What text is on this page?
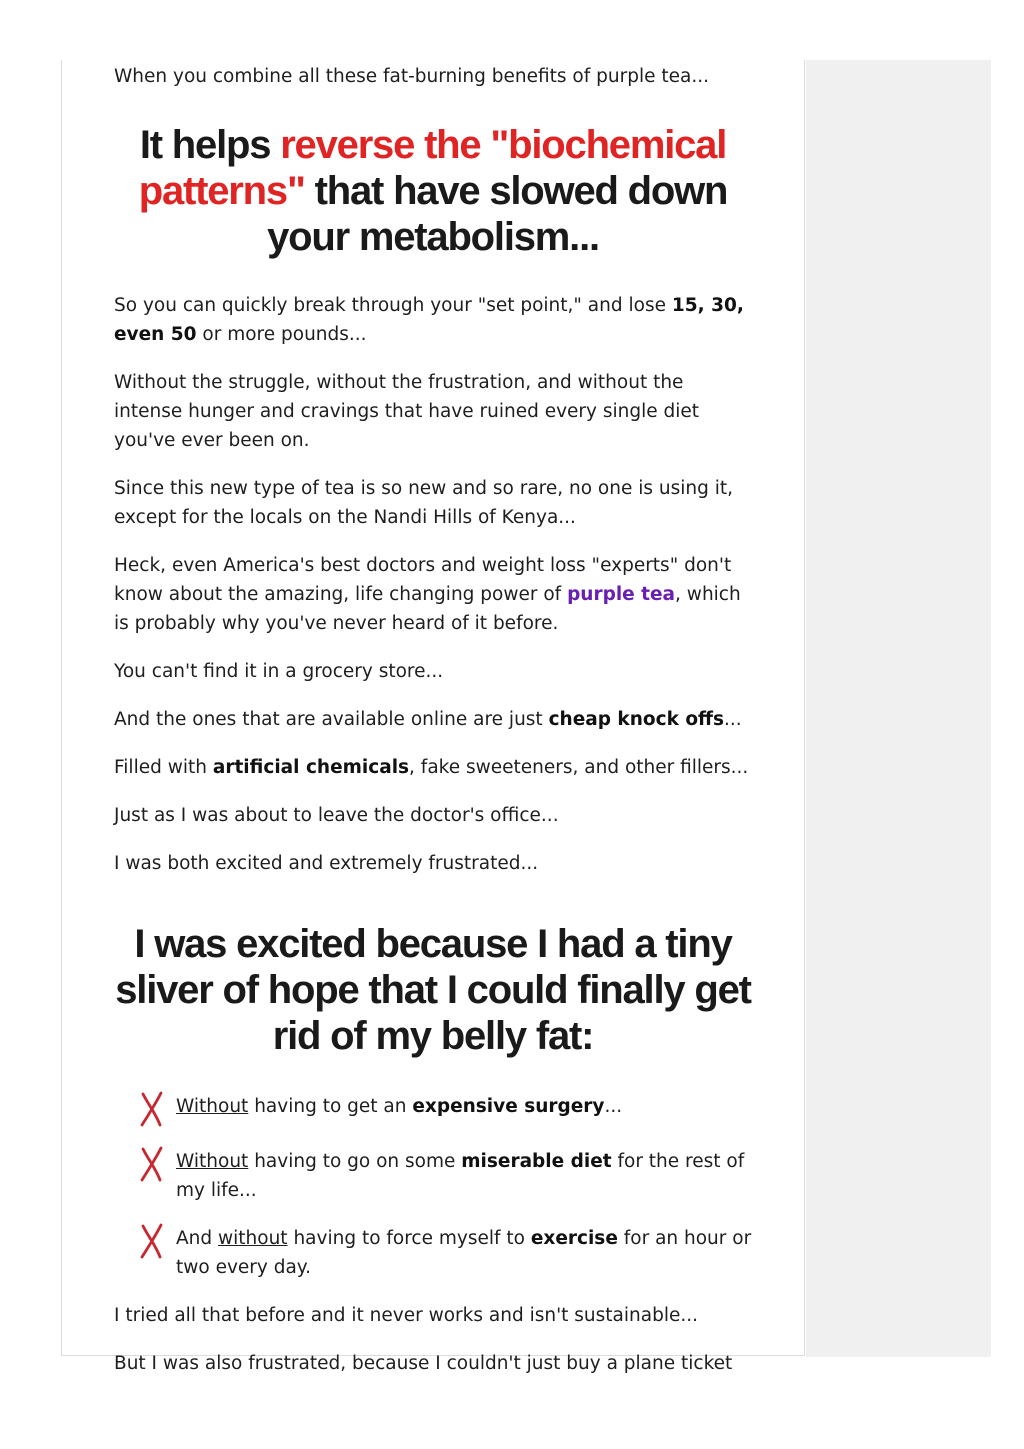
When you combine all these fat-burning benefits of purple tea...

It helps reverse the "biochemical patterns" that have slowed down your metabolism...

So you can quickly break through your "set point," and lose 15, 30, even 50 or more pounds...

Without the struggle, without the frustration, and without the intense hunger and cravings that have ruined every single diet you've ever been on.

Since this new type of tea is so new and so rare, no one is using it, except for the locals on the Nandi Hills of Kenya...

Heck, even America's best doctors and weight loss "experts" don't know about the amazing, life changing power of purple tea, which is probably why you've never heard of it before.

You can't find it in a grocery store...

And the ones that are available online are just cheap knock offs...

Filled with artificial chemicals, fake sweeteners, and other fillers...

Just as I was about to leave the doctor's office...

I was both excited and extremely frustrated...

I was excited because I had a tiny sliver of hope that I could finally get rid of my belly fat:
Without having to get an expensive surgery...
Without having to go on some miserable diet for the rest of my life...
And without having to force myself to exercise for an hour or two every day.

I tried all that before and it never works and isn't sustainable...

But I was also frustrated, because I couldn't just buy a plane ticket
